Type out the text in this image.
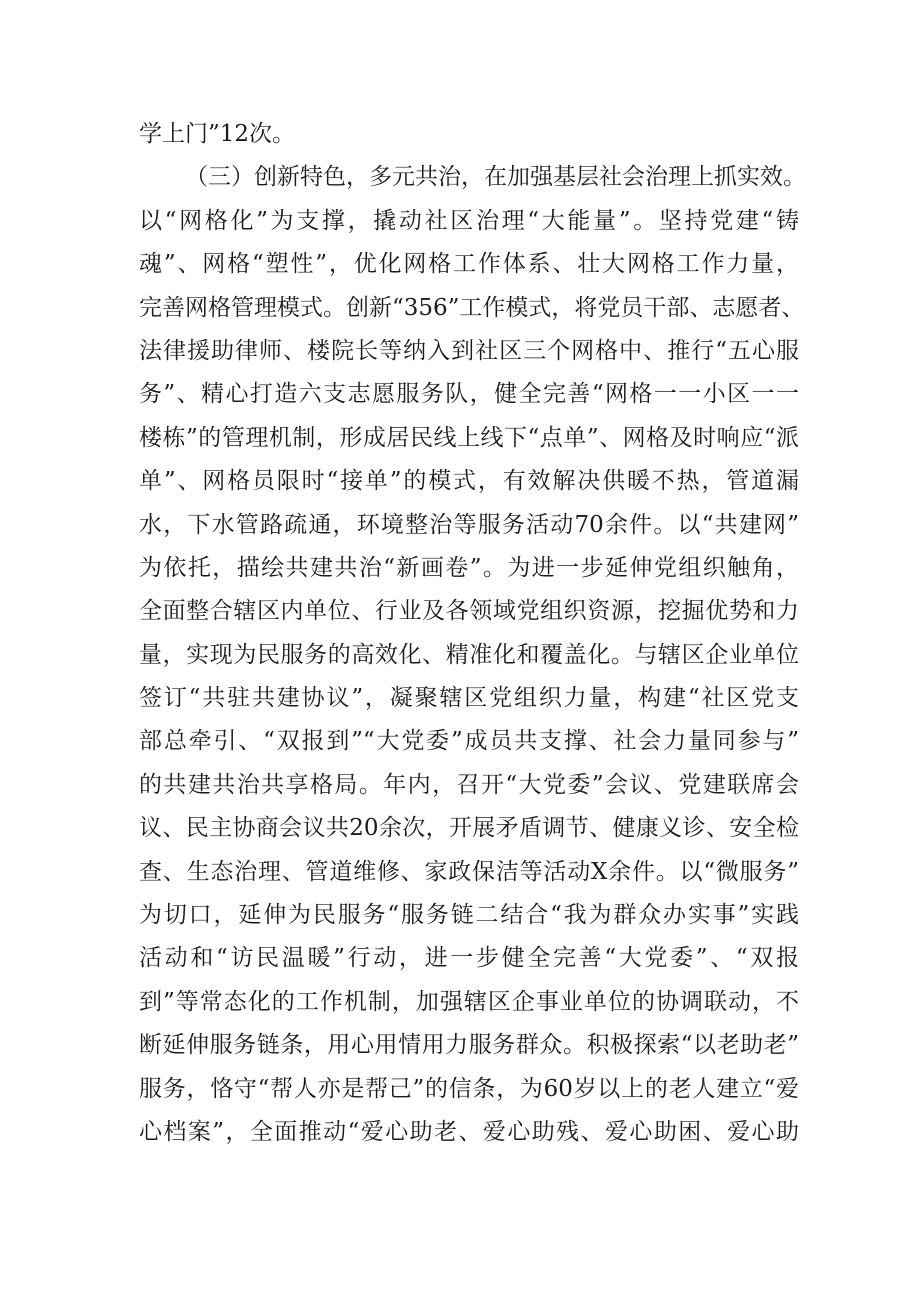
学上门”12次。
（三）创新特色，多元共治，在加强基层社会治理上抓实效。
以“网格化”为支撑，撬动社区治理“大能量”。坚持党建“铸
魂”、网格“塑性”，优化网格工作体系、壮大网格工作力量，
完善网格管理模式。创新“356”工作模式，将党员干部、志愿者、
法律援助律师、楼院长等纳入到社区三个网格中、推行“五心服
务”、精心打造六支志愿服务队，健全完善“网格一一小区一一
楼栋”的管理机制，形成居民线上线下“点单”、网格及时响应“派
单”、网格员限时“接单”的模式，有效解决供暖不热，管道漏
水，下水管路疏通，环境整治等服务活动70余件。以“共建网”
为依托，描绘共建共治“新画卷”。为进一步延伸党组织触角，
全面整合辖区内单位、行业及各领域党组织资源，挖掘优势和力
量，实现为民服务的高效化、精准化和覆盖化。与辖区企业单位
签订“共驻共建协议”，凝聚辖区党组织力量，构建“社区党支
部总牵引、“双报到”“大党委”成员共支撑、社会力量同参与”
的共建共治共享格局。年内，召开“大党委”会议、党建联席会
议、民主协商会议共20余次，开展矛盾调节、健康义诊、安全检
查、生态治理、管道维修、家政保洁等活动X余件。以“微服务”
为切口，延伸为民服务“服务链二结合“我为群众办实事”实践
活动和“访民温暖”行动，进一步健全完善“大党委”、“双报
到”等常态化的工作机制，加强辖区企事业单位的协调联动，不
断延伸服务链条，用心用情用力服务群众。积极探索“以老助老”
服务，恪守“帮人亦是帮己”的信条，为60岁以上的老人建立“爱
心档案”，全面推动“爱心助老、爱心助残、爱心助困、爱心助
